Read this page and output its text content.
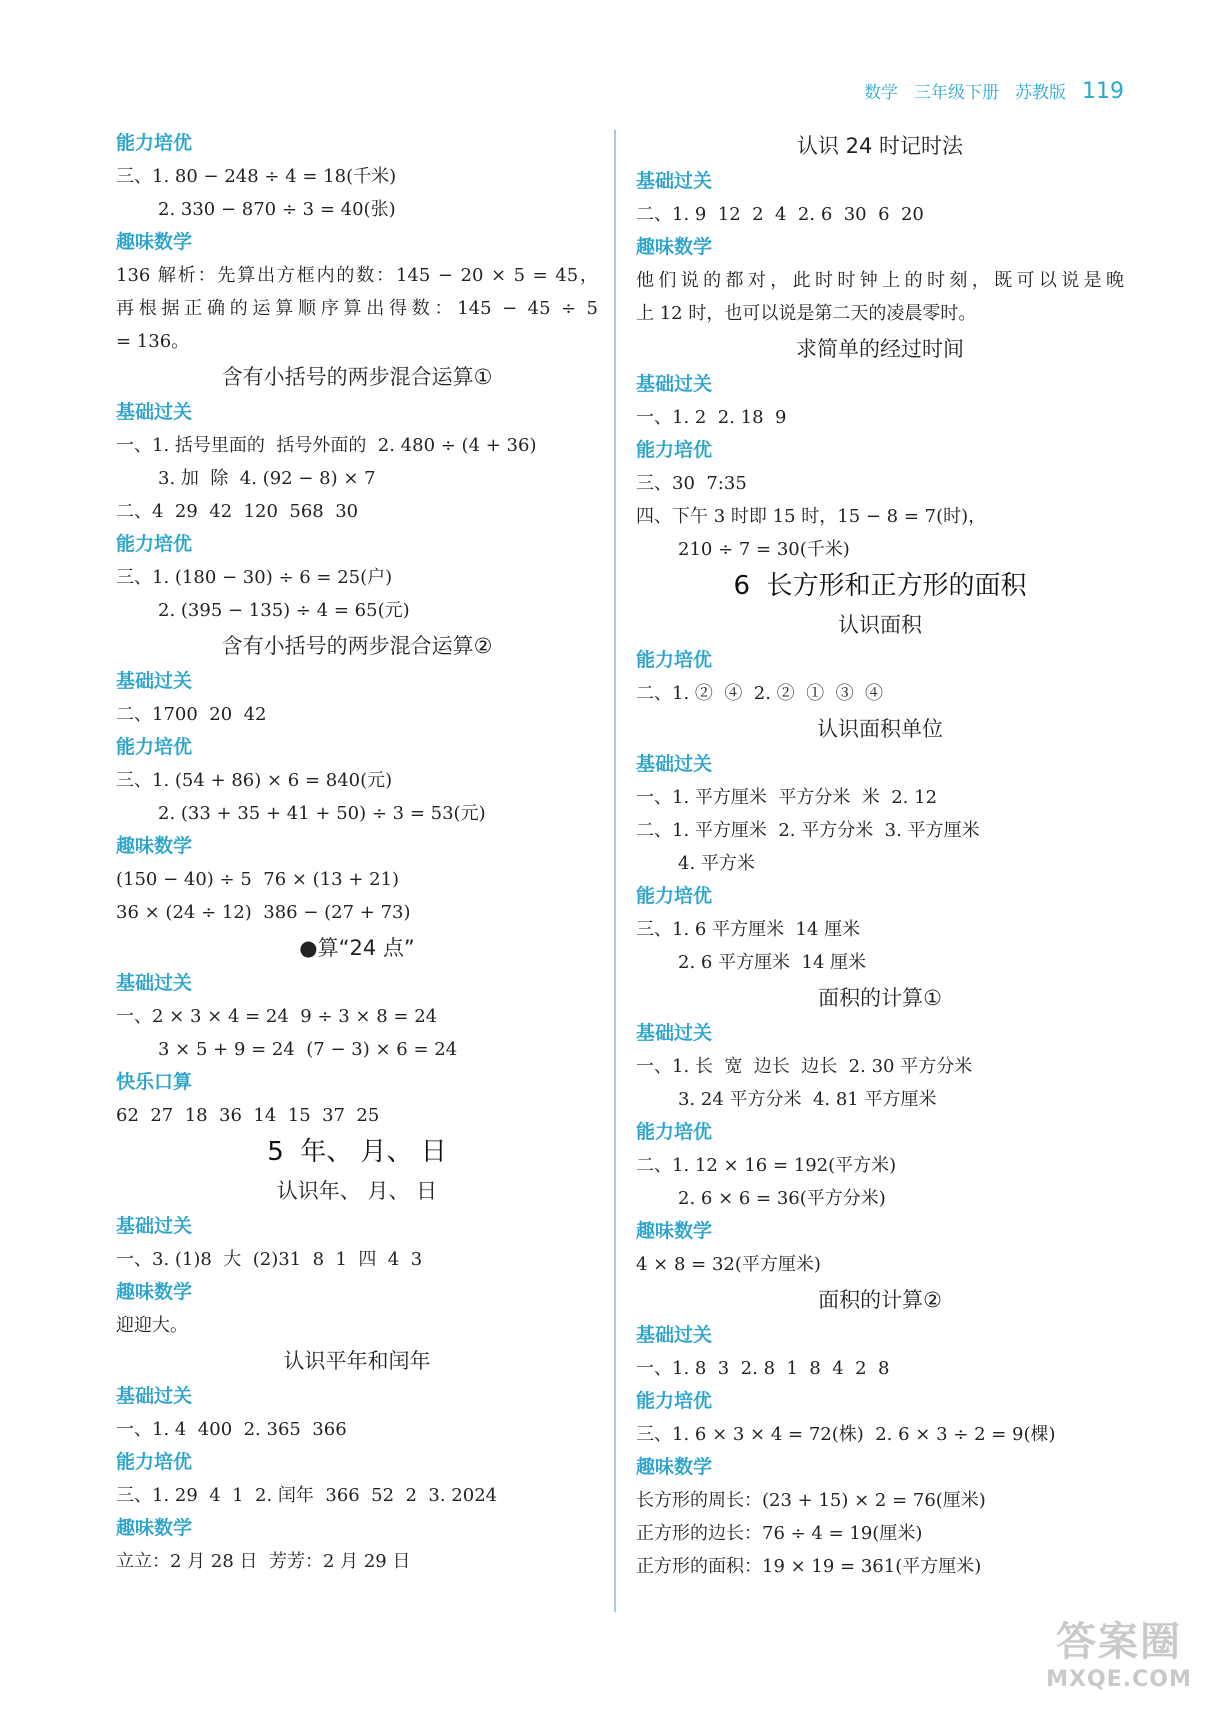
数学 三年级下册 苏教版 119
能力培优
三、1. 80 − 248 ÷ 4 = 18(千米)
2. 330 − 870 ÷ 3 = 40(张)
趣味数学
136 解析：先算出方框内的数：145 − 20 × 5 = 45，
再根据正确的运算顺序算出得数：145 − 45 ÷ 5
= 136。
含有小括号的两步混合运算①
基础过关
一、1. 括号里面的  括号外面的  2. 480 ÷ (4 + 36)
3. 加  除  4. (92 − 8) × 7
二、4  29  42  120  568  30
能力培优
三、1. (180 − 30) ÷ 6 = 25(户)
2. (395 − 135) ÷ 4 = 65(元)
含有小括号的两步混合运算②
基础过关
二、1700  20  42
能力培优
三、1. (54 + 86) × 6 = 840(元)
2. (33 + 35 + 41 + 50) ÷ 3 = 53(元)
趣味数学
(150 − 40) ÷ 5  76 × (13 + 21)
36 × (24 ÷ 12)  386 − (27 + 73)
●算“24 点”
基础过关
一、2 × 3 × 4 = 24  9 ÷ 3 × 8 = 24
3 × 5 + 9 = 24  (7 − 3) × 6 = 24
快乐口算
62  27  18  36  14  15  37  25
5  年、 月、 日
认识年、 月、 日
基础过关
一、3. (1)8  大  (2)31  8  1  四  4  3
趣味数学
迎迎大。
认识平年和闰年
基础过关
一、1. 4  400  2. 365  366
能力培优
三、1. 29  4  1  2. 闰年  366  52  2  3. 2024
趣味数学
立立：2 月 28 日  芳芳：2 月 29 日
认识 24 时记时法
基础过关
二、1. 9  12  2  4  2. 6  30  6  20
趣味数学
他们说的都对，此时时钟上的时刻，既可以说是晚
上 12 时，也可以说是第二天的凌晨零时。
求简单的经过时间
基础过关
一、1. 2  2. 18  9
能力培优
三、30  7:35
四、下午 3 时即 15 时，15 − 8 = 7(时)，
210 ÷ 7 = 30(千米)
6  长方形和正方形的面积
认识面积
能力培优
二、1. ②  ④  2. ②  ①  ③  ④
认识面积单位
基础过关
一、1. 平方厘米  平方分米  米  2. 12
二、1. 平方厘米  2. 平方分米  3. 平方厘米
4. 平方米
能力培优
三、1. 6 平方厘米  14 厘米
2. 6 平方厘米  14 厘米
面积的计算①
基础过关
一、1. 长  宽  边长  边长  2. 30 平方分米
3. 24 平方分米  4. 81 平方厘米
能力培优
二、1. 12 × 16 = 192(平方米)
2. 6 × 6 = 36(平方分米)
趣味数学
4 × 8 = 32(平方厘米)
面积的计算②
基础过关
一、1. 8  3  2. 8  1  8  4  2  8
能力培优
三、1. 6 × 3 × 4 = 72(株)  2. 6 × 3 ÷ 2 = 9(棵)
趣味数学
长方形的周长：(23 + 15) × 2 = 76(厘米)
正方形的边长：76 ÷ 4 = 19(厘米)
正方形的面积：19 × 19 = 361(平方厘米)
答案圈
MXQE.COM
